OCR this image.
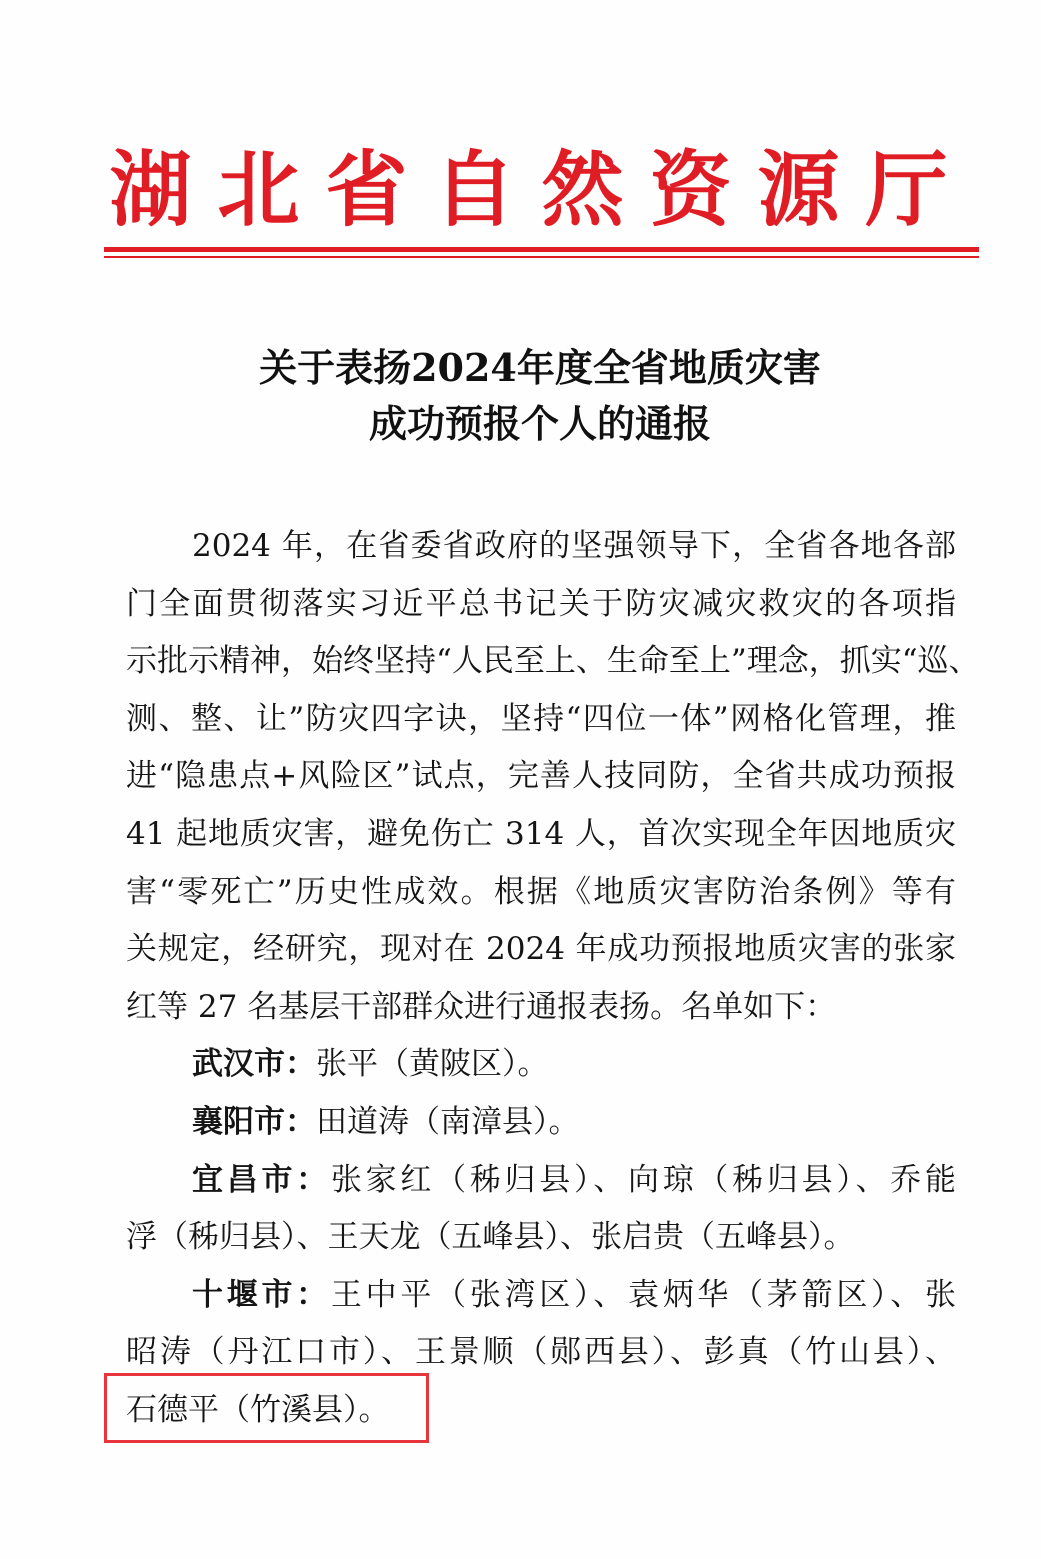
湖北省自然资源厅
关于表扬2024年度全省地质灾害
成功预报个人的通报
2024 年，在省委省政府的坚强领导下，全省各地各部
门全面贯彻落实习近平总书记关于防灾减灾救灾的各项指
示批示精神，始终坚持“人民至上、生命至上”理念，抓实“巡、
测、整、让”防灾四字诀，坚持“四位一体”网格化管理，推
进“隐患点+风险区”试点，完善人技同防，全省共成功预报
41 起地质灾害，避免伤亡 314 人，首次实现全年因地质灾
害“零死亡”历史性成效。根据《地质灾害防治条例》等有
关规定，经研究，现对在 2024 年成功预报地质灾害的张家
红等 27 名基层干部群众进行通报表扬。名单如下：
武汉市：张平（黄陂区）。
襄阳市：田道涛（南漳县）。
宜昌市：张家红（秭归县）、向琼（秭归县）、乔能
浮（秭归县）、王天龙（五峰县）、张启贵（五峰县）。
十堰市：王中平（张湾区）、袁炳华（茅箭区）、张
昭涛（丹江口市）、王景顺（郧西县）、彭真（竹山县）、
石德平（竹溪县）。
